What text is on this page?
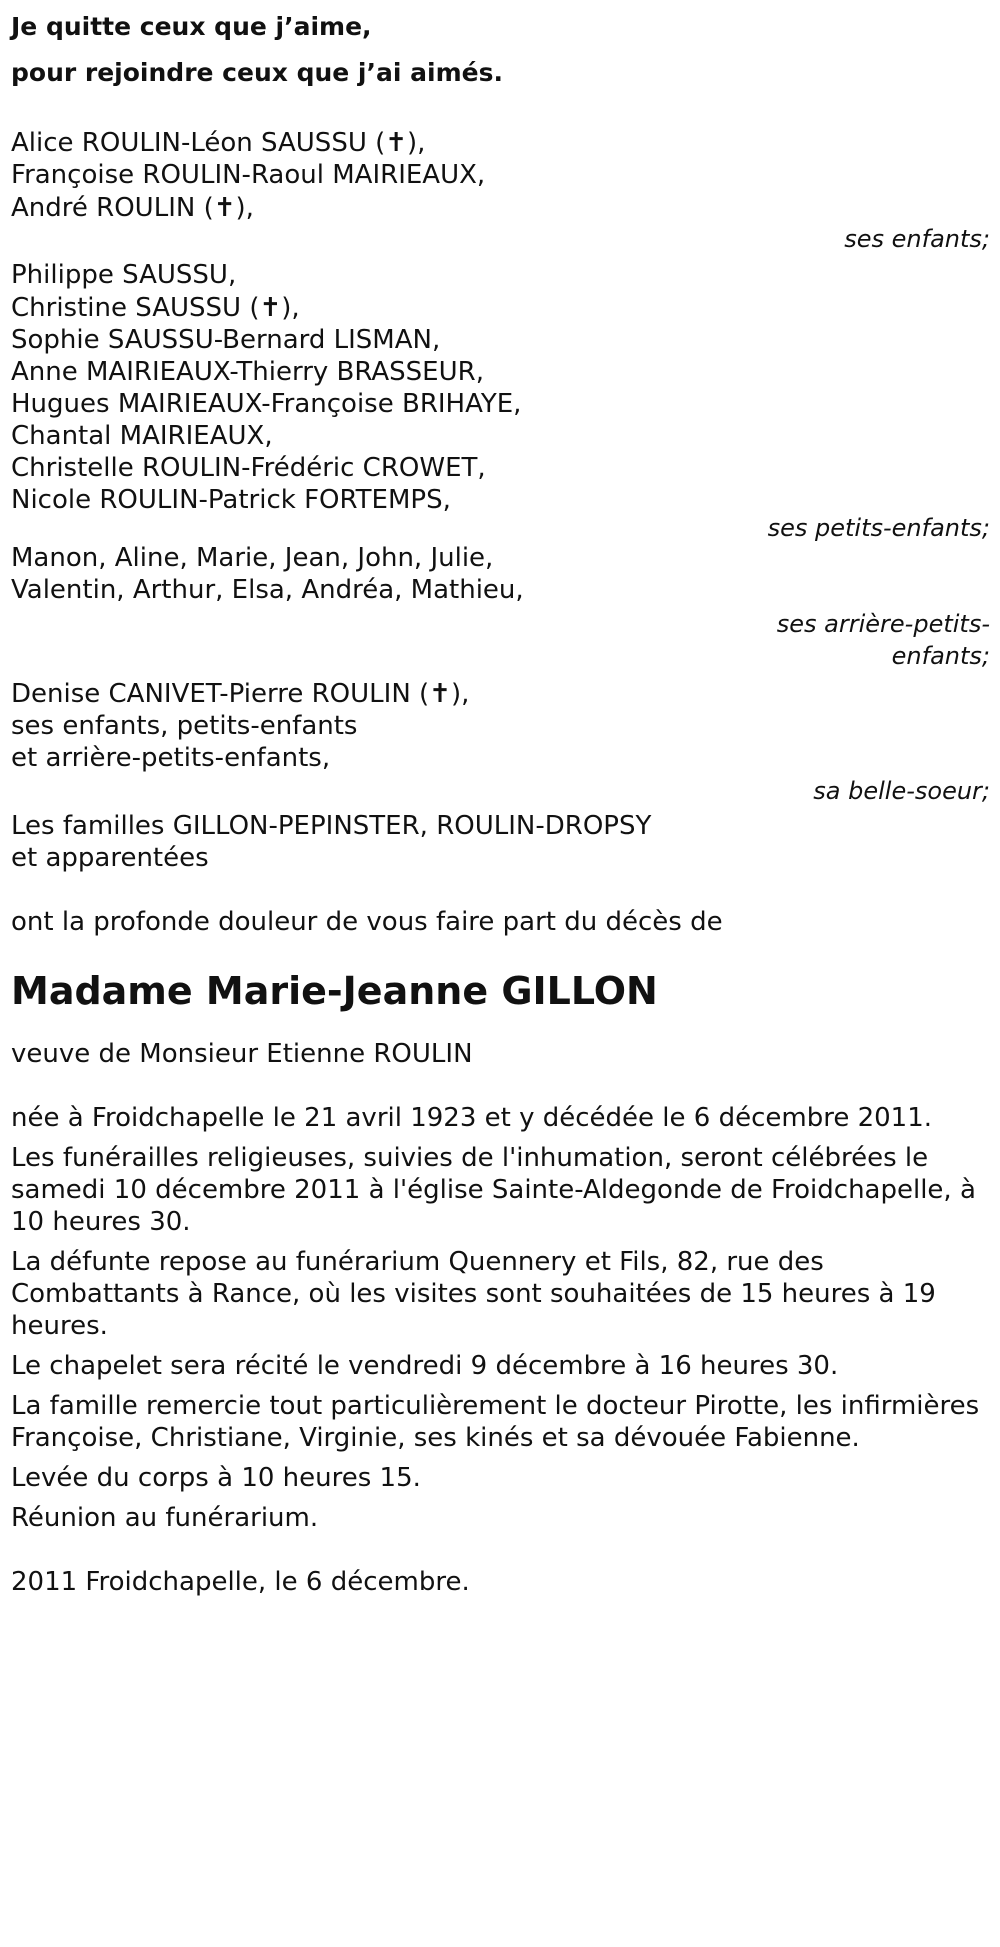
Je quitte ceux que j’aime,
pour rejoindre ceux que j’ai aimés.
Alice ROULIN-Léon SAUSSU (✝),
Françoise ROULIN-Raoul MAIRIEAUX,
André ROULIN (✝),
ses enfants;
Philippe SAUSSU,
Christine SAUSSU (✝),
Sophie SAUSSU-Bernard LISMAN,
Anne MAIRIEAUX-Thierry BRASSEUR,
Hugues MAIRIEAUX-Françoise BRIHAYE,
Chantal MAIRIEAUX,
Christelle ROULIN-Frédéric CROWET,
Nicole ROULIN-Patrick FORTEMPS,
ses petits-enfants;
Manon, Aline, Marie, Jean, John, Julie,
Valentin, Arthur, Elsa, Andréa, Mathieu,
ses arrière-petits-enfants;
Denise CANIVET-Pierre ROULIN (✝),
ses enfants, petits-enfants
et arrière-petits-enfants,
sa belle-soeur;
Les familles GILLON-PEPINSTER, ROULIN-DROPSY
et apparentées
ont la profonde douleur de vous faire part du décès de
Madame Marie-Jeanne GILLON
veuve de Monsieur Etienne ROULIN
née à Froidchapelle le 21 avril 1923 et y décédée le 6 décembre 2011.
Les funérailles religieuses, suivies de l'inhumation, seront célébrées le samedi 10 décembre 2011 à l'église Sainte-Aldegonde de Froidchapelle, à 10 heures 30.
La défunte repose au funérarium Quennery et Fils, 82, rue des Combattants à Rance, où les visites sont souhaitées de 15 heures à 19 heures.
Le chapelet sera récité le vendredi 9 décembre à 16 heures 30.
La famille remercie tout particulièrement le docteur Pirotte, les infirmières Françoise, Christiane, Virginie, ses kinés et sa dévouée Fabienne.
Levée du corps à 10 heures 15.
Réunion au funérarium.
2011 Froidchapelle, le 6 décembre.
